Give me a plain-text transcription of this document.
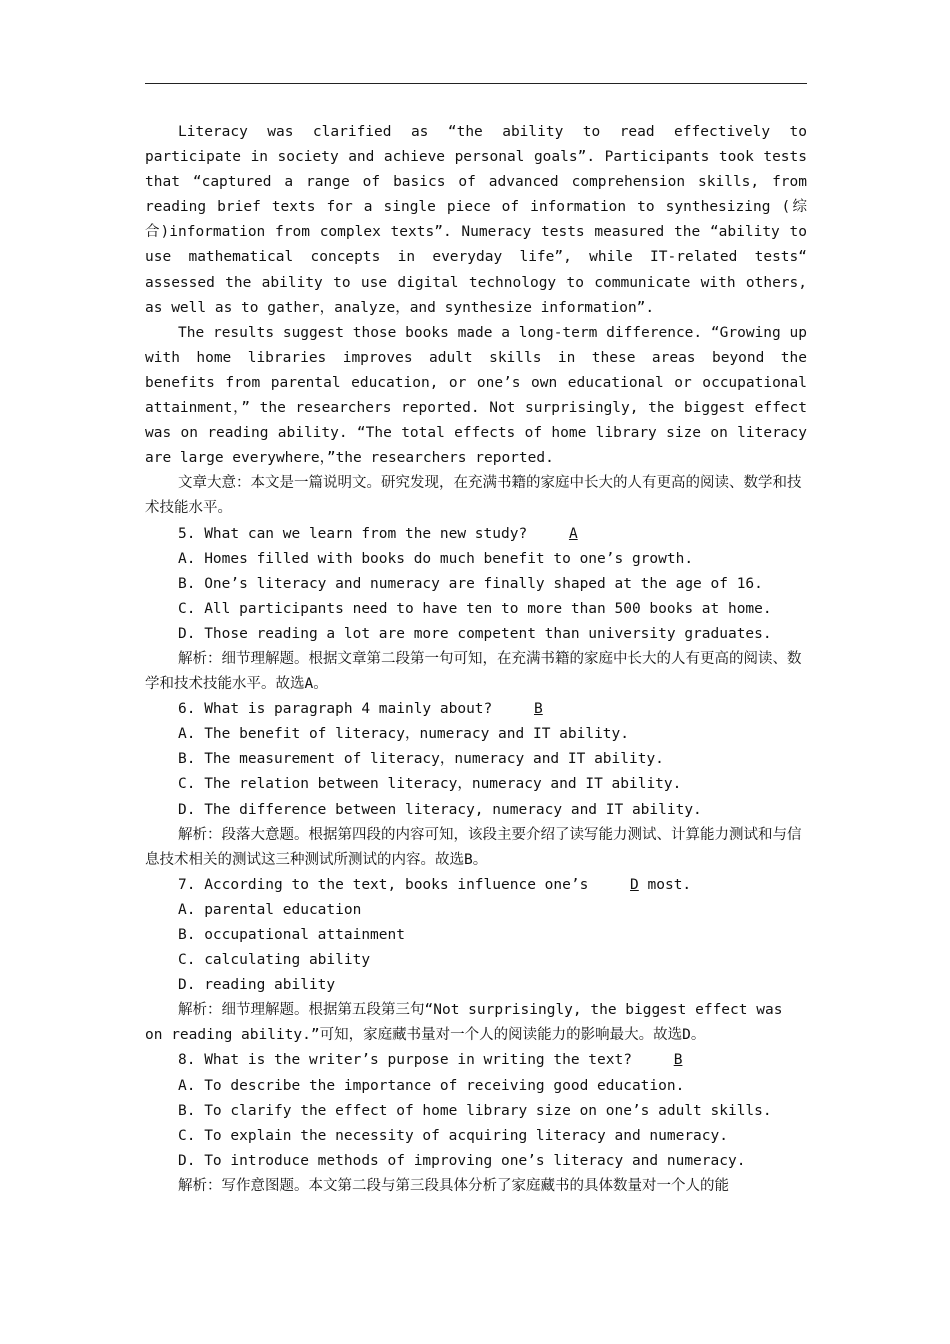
Literacy was clarified as “the ability to read effectively to participate in society and achieve personal goals”. Participants took tests that “captured a range of basics of advanced comprehension skills, from reading brief texts for a single piece of information to synthesizing (综合)information from complex texts”. Numeracy tests measured the “ability to use mathematical concepts in everyday life”, while IT-related tests“ assessed the ability to use digital technology to communicate with others, as well as to gather，analyze，and synthesize information”.

The results suggest those books made a long-term difference. “Growing up with home libraries improves adult skills in these areas beyond the benefits from parental education, or one’s own educational or occupational attainment，” the researchers reported. Not surprisingly, the biggest effect was on reading ability. “The total effects of home library size on literacy are large everywhere，”the researchers reported.

文章大意：本文是一篇说明文。研究发现，在充满书籍的家庭中长大的人有更高的阅读、数学和技术技能水平。

5. What can we learn from the new study?	A

A. Homes filled with books do much benefit to one’s growth.

B. One’s literacy and numeracy are finally shaped at the age of 16.

C. All participants need to have ten to more than 500 books at home.

D. Those reading a lot are more competent than university graduates.

解析：细节理解题。根据文章第二段第一句可知，在充满书籍的家庭中长大的人有更高的阅读、数学和技术技能水平。故选A。

6. What is paragraph 4 mainly about?	B

A. The benefit of literacy，numeracy and IT ability.

B. The measurement of literacy，numeracy and IT ability.

C. The relation between literacy，numeracy and IT ability.

D. The difference between literacy, numeracy and IT ability.

解析：段落大意题。根据第四段的内容可知，该段主要介绍了读写能力测试、计算能力测试和与信息技术相关的测试这三种测试所测试的内容。故选B。

7. According to the text, books influence one’s	D most.

A. parental education

B. occupational attainment

C. calculating ability

D. reading ability

解析：细节理解题。根据第五段第三句“Not surprisingly, the biggest effect was on reading ability.”可知，家庭藏书量对一个人的阅读能力的影响最大。故选D。

8. What is the writer’s purpose in writing the text?	B

A. To describe the importance of receiving good education.

B. To clarify the effect of home library size on one’s adult skills.

C. To explain the necessity of acquiring literacy and numeracy.

D. To introduce methods of improving one’s literacy and numeracy.

解析：写作意图题。本文第二段与第三段具体分析了家庭藏书的具体数量对一个人的能
